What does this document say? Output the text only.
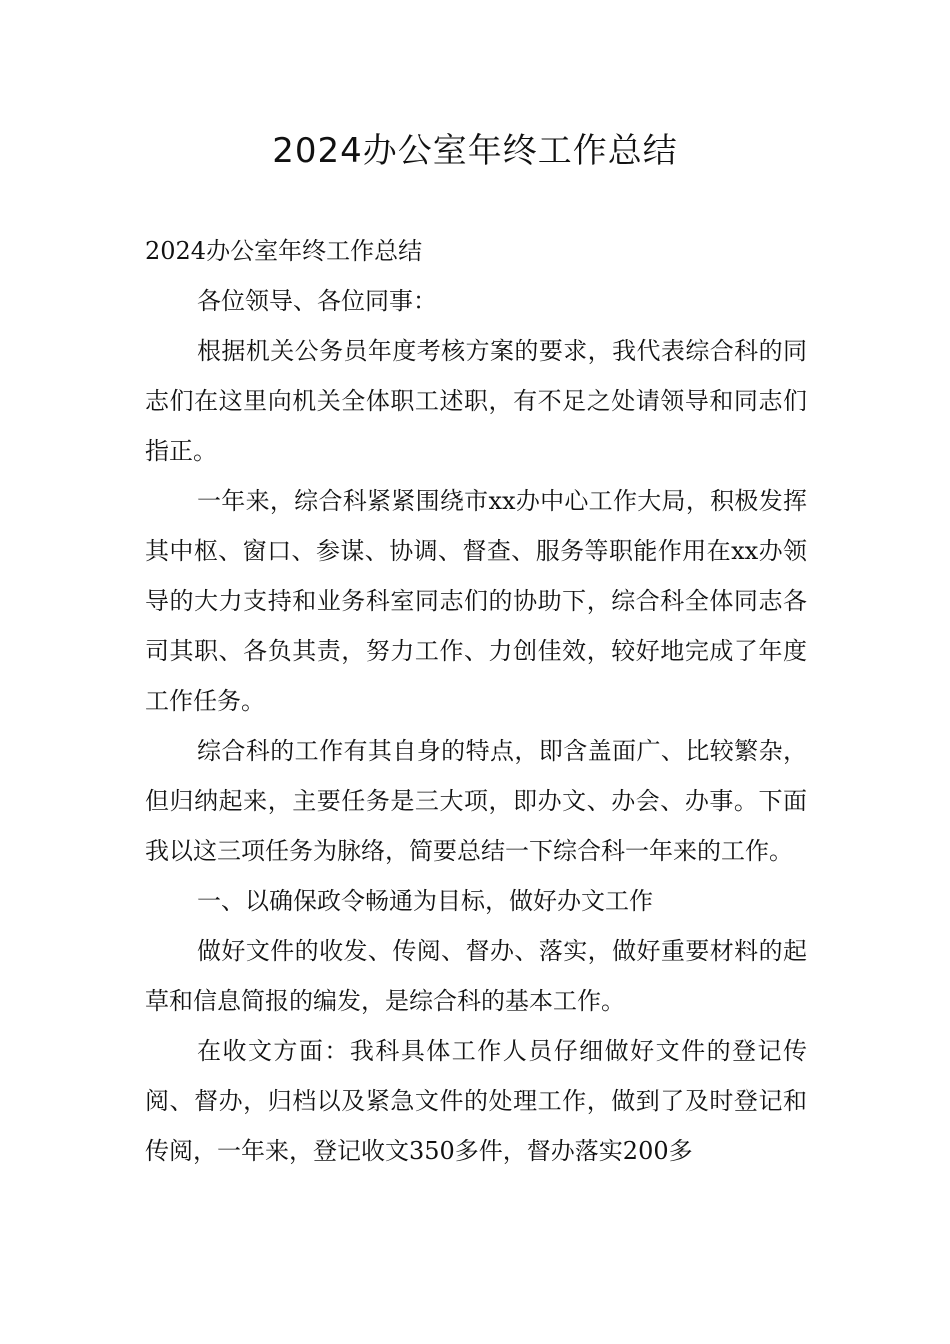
2024办公室年终工作总结

2024办公室年终工作总结

各位领导、各位同事：

根据机关公务员年度考核方案的要求，我代表综合科的同志们在这里向机关全体职工述职，有不足之处请领导和同志们指正。

一年来，综合科紧紧围绕市xx办中心工作大局，积极发挥其中枢、窗口、参谋、协调、督查、服务等职能作用在xx办领导的大力支持和业务科室同志们的协助下，综合科全体同志各司其职、各负其责，努力工作、力创佳效，较好地完成了年度工作任务。

综合科的工作有其自身的特点，即含盖面广、比较繁杂，但归纳起来，主要任务是三大项，即办文、办会、办事。下面我以这三项任务为脉络，简要总结一下综合科一年来的工作。

一、以确保政令畅通为目标，做好办文工作

做好文件的收发、传阅、督办、落实，做好重要材料的起草和信息简报的编发，是综合科的基本工作。

在收文方面：我科具体工作人员仔细做好文件的登记传阅、督办，归档以及紧急文件的处理工作，做到了及时登记和传阅，一年来，登记收文350多件，督办落实200多
